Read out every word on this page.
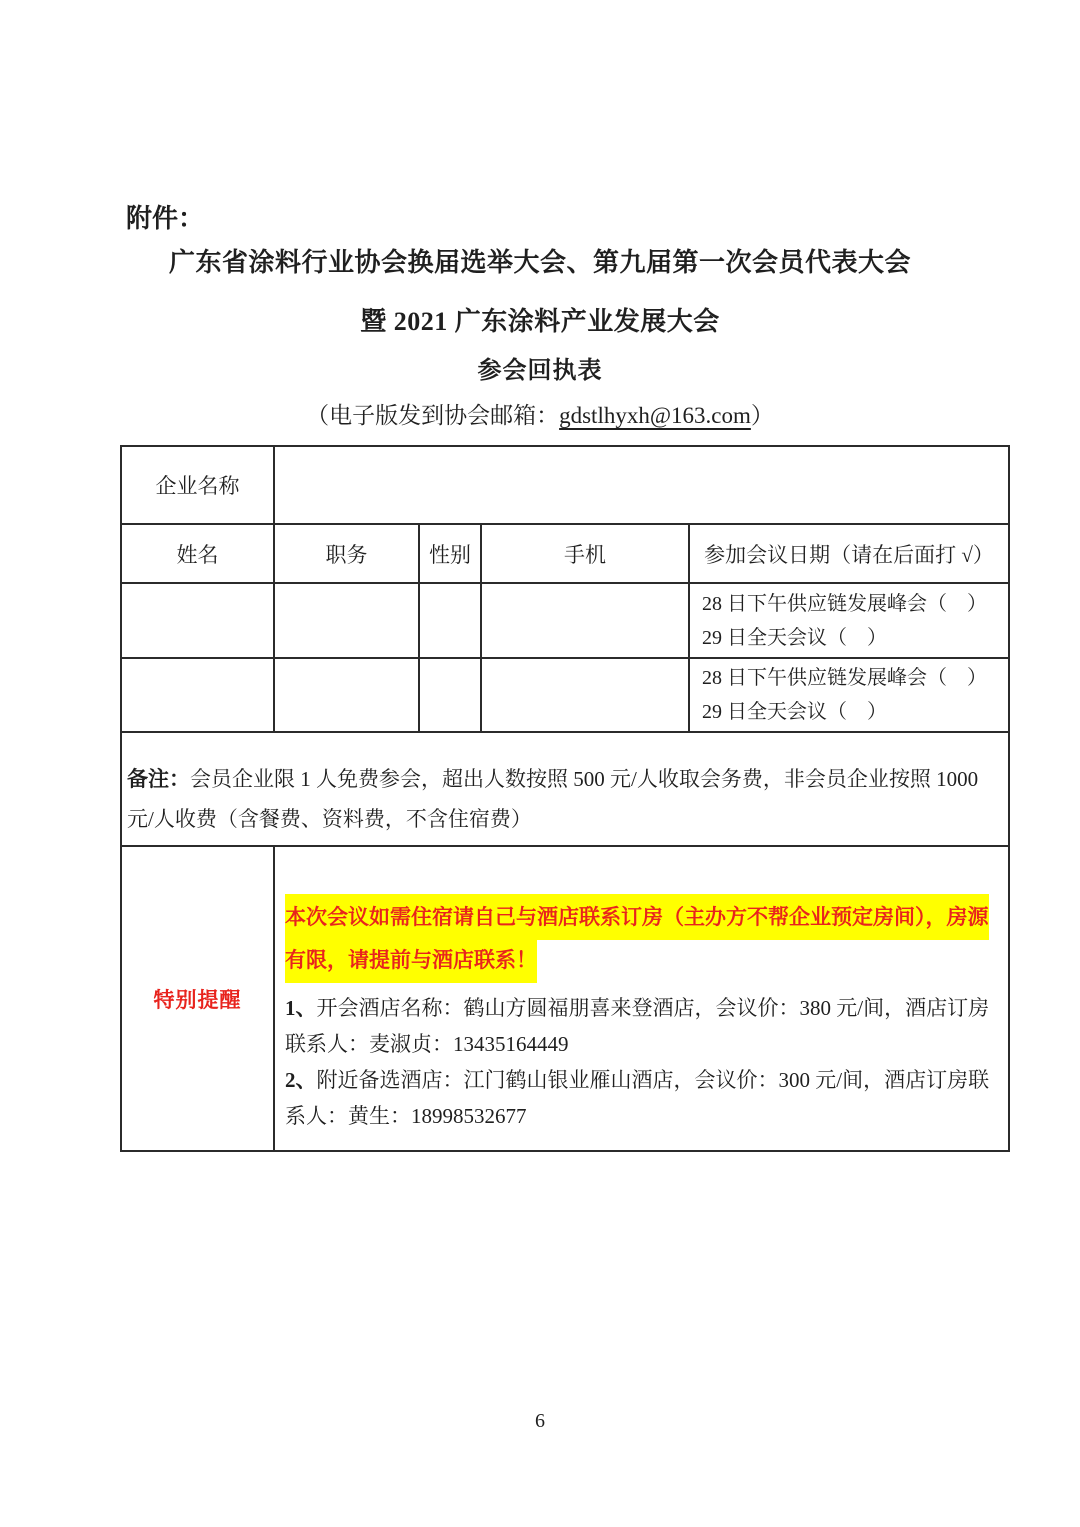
附件：
广东省涂料行业协会换届选举大会、第九届第一次会员代表大会
暨 2021 广东涂料产业发展大会
参会回执表
（电子版发到协会邮箱：gdstlhyxh@163.com）
企业名称				
姓名	职务	性别	手机	参加会议日期（请在后面打 √）

				28 日下午供应链发展峰会（　）
29 日全天会议（　）

				28 日下午供应链发展峰会（　）
29 日全天会议（　）

备注：会员企业限 1 人免费参会，超出人数按照 500 元/人收取会务费，非会员企业按照 1000 元/人收费（含餐费、资料费，不含住宿费）				
特别提醒	本次会议如需住宿请自己与酒店联系订房（主办方不帮企业预定房间），房源有限，请提前与酒店联系！

1、开会酒店名称：鹤山方圆福朋喜来登酒店，会议价：380 元/间，酒店订房联系人：麦淑贞：13435164449

2、附近备选酒店：江门鹤山银业雁山酒店，会议价：300 元/间，酒店订房联系人：黄生：18998532677			

6
